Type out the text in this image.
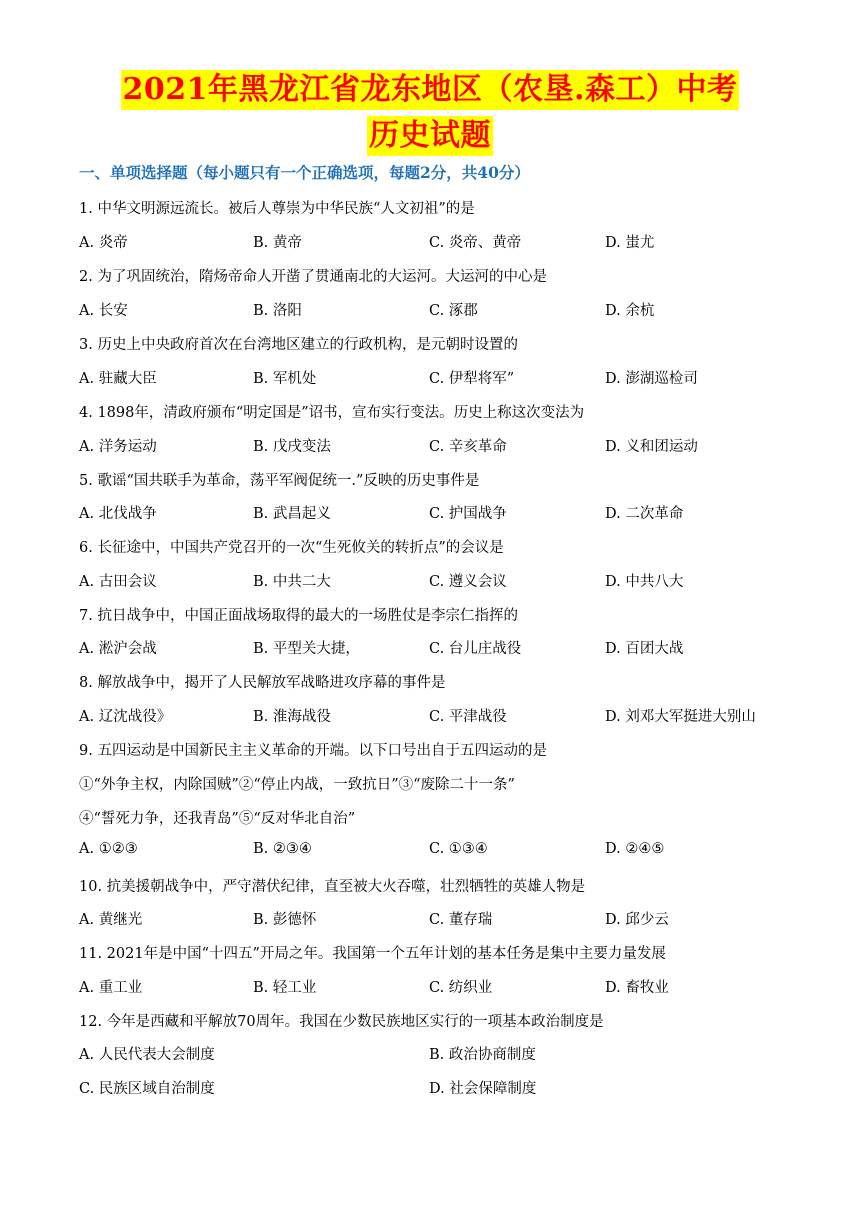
2021年黑龙江省龙东地区（农垦.森工）中考
历史试题
一、单项选择题（每小题只有一个正确选项，每题2分，共40分）
1. 中华文明源远流长。被后人尊崇为中华民族“人文初祖”的是
A. 炎帝	B. 黄帝	C. 炎帝、黄帝	D. 蚩尤
2. 为了巩固统治，隋炀帝命人开凿了贯通南北的大运河。大运河的中心是
A. 长安	B. 洛阳	C. 涿郡	D. 余杭
3. 历史上中央政府首次在台湾地区建立的行政机构，是元朝时设置的
A. 驻藏大臣	B. 军机处	C. 伊犁将军”	D. 澎湖巡检司
4. 1898年，清政府颁布“明定国是”诏书，宣布实行变法。历史上称这次变法为
A. 洋务运动	B. 戊戌变法	C. 辛亥革命	D. 义和团运动
5. 歌谣“国共联手为革命，荡平军阀促统一.”反映的历史事件是
A. 北伐战争	B. 武昌起义	C. 护国战争	D. 二次革命
6. 长征途中，中国共产党召开的一次“生死攸关的转折点”的会议是
A. 古田会议	B. 中共二大	C. 遵义会议	D. 中共八大
7. 抗日战争中，中国正面战场取得的最大的一场胜仗是李宗仁指挥的
A. 淞沪会战	B. 平型关大捷，	C. 台儿庄战役	D. 百团大战
8. 解放战争中，揭开了人民解放军战略进攻序幕的事件是
A. 辽沈战役》	B. 淮海战役	C. 平津战役	D. 刘邓大军挺进大别山
9. 五四运动是中国新民主主义革命的开端。以下口号出自于五四运动的是
①“外争主权，内除国贼”②“停止内战，一致抗日”③“废除二十一条”
④“誓死力争，还我青岛”⑤“反对华北自治”
A. ①②③	B. ②③④	C. ①③④	D. ②④⑤
10. 抗美援朝战争中，严守潜伏纪律，直至被大火吞噬，壮烈牺牲的英雄人物是
A. 黄继光	B. 彭德怀	C. 董存瑞	D. 邱少云
11. 2021年是中国“十四五”开局之年。我国第一个五年计划的基本任务是集中主要力量发展
A. 重工业	B. 轻工业	C. 纺织业	D. 畜牧业
12. 今年是西藏和平解放70周年。我国在少数民族地区实行的一项基本政治制度是
A. 人民代表大会制度	B. 政治协商制度
C. 民族区域自治制度	D. 社会保障制度
